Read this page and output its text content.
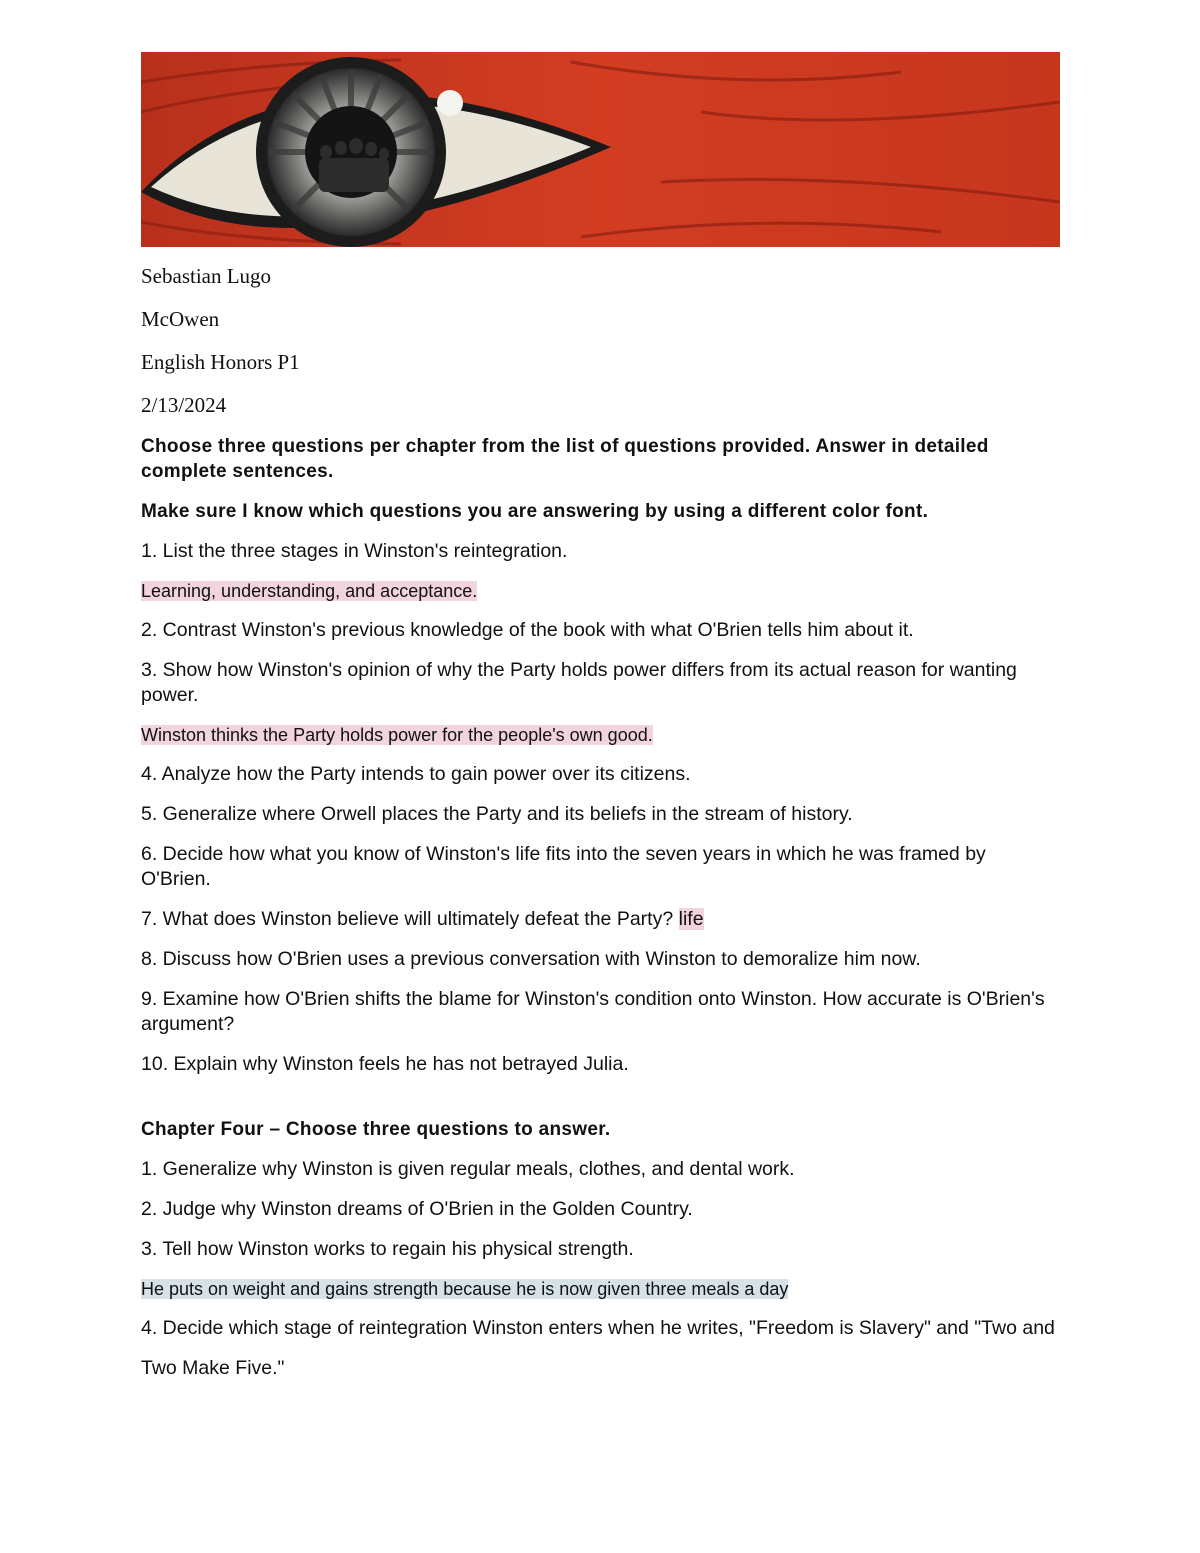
Sebastian Lugo

McOwen

English Honors P1

2/13/2024

Choose three questions per chapter from the list of questions provided. Answer in detailed complete sentences.

Make sure I know which questions you are answering by using a different color font.

1. List the three stages in Winston's reintegration.

Learning, understanding, and acceptance.

2. Contrast Winston's previous knowledge of the book with what O'Brien tells him about it.

3. Show how Winston's opinion of why the Party holds power differs from its actual reason for wanting power.

Winston thinks the Party holds power for the people's own good.

4. Analyze how the Party intends to gain power over its citizens.

5. Generalize where Orwell places the Party and its beliefs in the stream of history.

6. Decide how what you know of Winston's life fits into the seven years in which he was framed by O'Brien.

7. What does Winston believe will ultimately defeat the Party? life

8. Discuss how O'Brien uses a previous conversation with Winston to demoralize him now.

9. Examine how O'Brien shifts the blame for Winston's condition onto Winston. How accurate is O'Brien's argument?

10. Explain why Winston feels he has not betrayed Julia.

Chapter Four – Choose three questions to answer.

1. Generalize why Winston is given regular meals, clothes, and dental work.

2. Judge why Winston dreams of O'Brien in the Golden Country.

3. Tell how Winston works to regain his physical strength.

He puts on weight and gains strength because he is now given three meals a day

4. Decide which stage of reintegration Winston enters when he writes, "Freedom is Slavery" and "Two and

Two Make Five."
